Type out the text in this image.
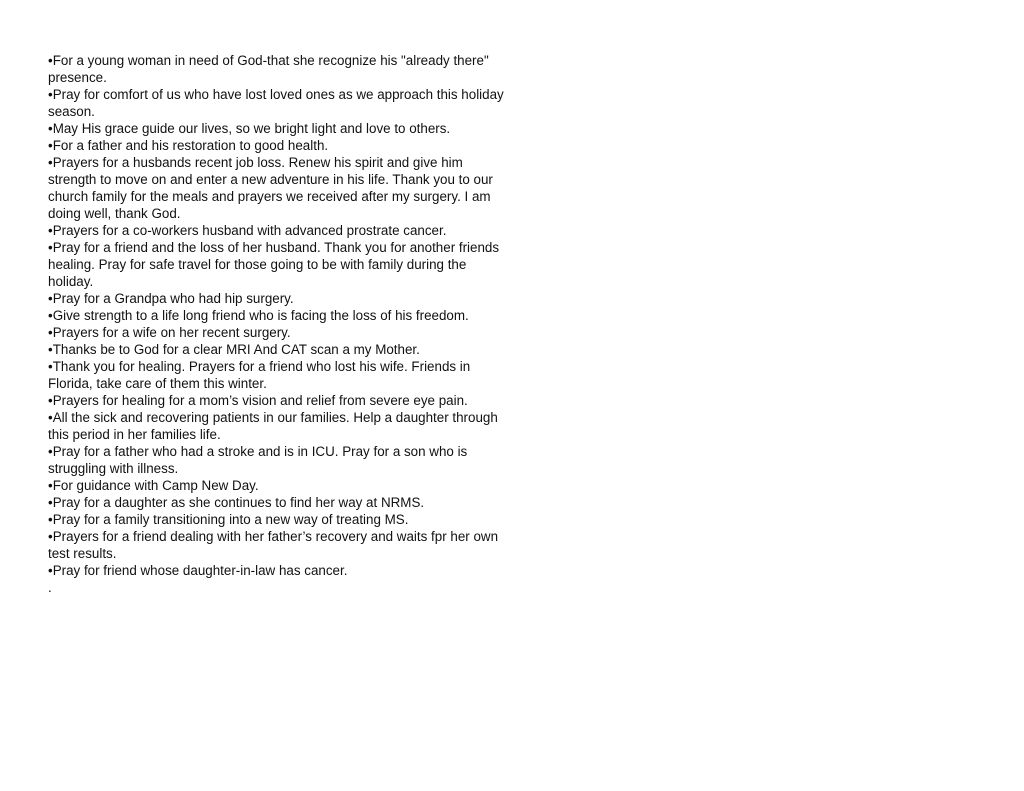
•For a young woman in need of God-that she recognize his "already there"
presence.
•Pray for comfort of us who have lost loved ones as we approach this holiday
season.
•May His grace guide our lives, so we bright light and love to others.
•For a father and his restoration to good health.
•Prayers for a husbands recent job loss. Renew his spirit and give him
strength to move on and enter a new adventure in his life. Thank you to our
church family for the meals and prayers we received after my surgery. I am
doing well, thank God.
•Prayers for a co-workers husband with advanced prostrate cancer.
•Pray for a friend and the loss of her husband. Thank you for another friends
healing. Pray for safe travel for those going to be with family during the
holiday.
•Pray for a Grandpa who had hip surgery.
•Give strength to a life long friend who is facing the loss of his freedom.
•Prayers for a wife on her recent surgery.
•Thanks be to God for a clear MRI And CAT scan a my Mother.
•Thank you for healing. Prayers for a friend who lost his wife. Friends in
Florida, take care of them this winter.
•Prayers for healing for a mom’s vision and relief from severe eye pain.
•All the sick and recovering patients in our families. Help a daughter through
this period in her families life.
•Pray for a father who had a stroke and is in ICU. Pray for a son who is
struggling with illness.
•For guidance with Camp New Day.
•Pray for a daughter as she continues to find her way at NRMS.
•Pray for a family transitioning into a new way of treating MS.
•Prayers for a friend dealing with her father’s recovery and waits fpr her own
test results.
•Pray for friend whose daughter-in-law has cancer.
.
